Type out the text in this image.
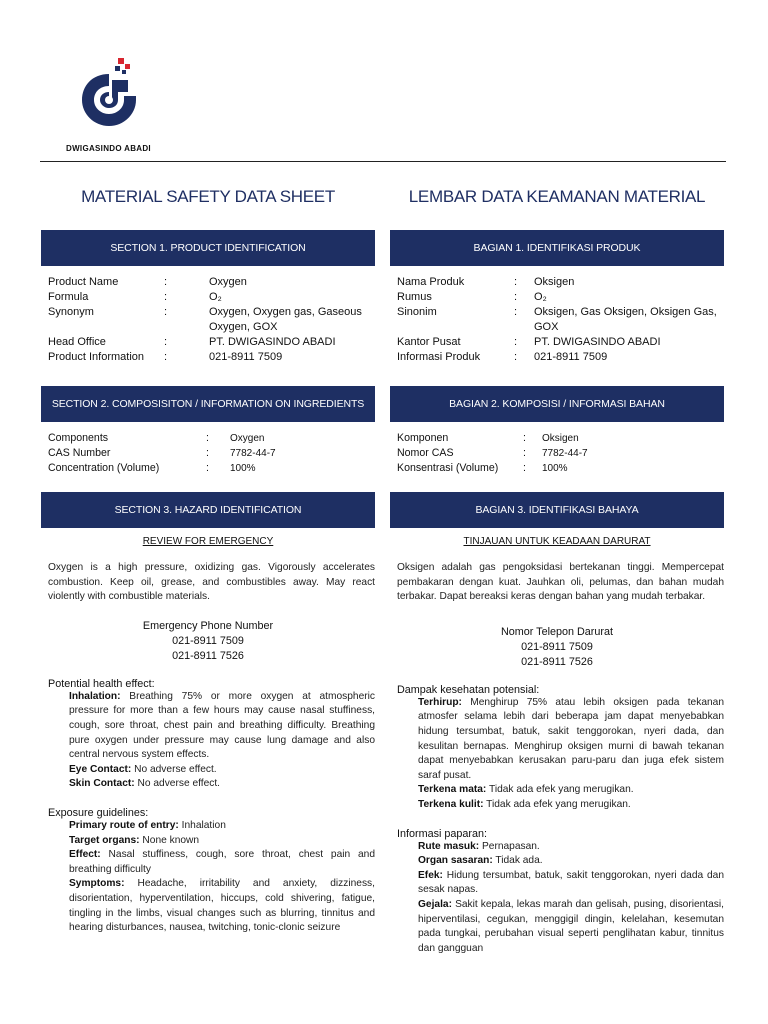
DWIGASINDO ABADI
MATERIAL SAFETY DATA SHEET
SECTION 1. PRODUCT IDENTIFICATION
Product Name	:	Oxygen
Formula	:	O₂
Synonym	:	Oxygen, Oxygen gas, Gaseous Oxygen, GOX
Head Office	:	PT. DWIGASINDO ABADI
Product Information	:	021-8911 7509
SECTION 2. COMPOSISITON / INFORMATION ON INGREDIENTS
Components	:	Oxygen
CAS Number	:	7782-44-7
Concentration (Volume)	:	100%
SECTION 3. HAZARD IDENTIFICATION
REVIEW FOR EMERGENCY
Oxygen is a high pressure, oxidizing gas. Vigorously accelerates combustion. Keep oil, grease, and combustibles away. May react violently with combustible materials.
Emergency Phone Number
021-8911 7509
021-8911 7526
Potential health effect:
Inhalation: Breathing 75% or more oxygen at atmospheric pressure for more than a few hours may cause nasal stuffiness, cough, sore throat, chest pain and breathing difficulty. Breathing pure oxygen under pressure may cause lung damage and also central nervous system effects.
Eye Contact: No adverse effect.
Skin Contact: No adverse effect.
Exposure guidelines:
Primary route of entry: Inhalation
Target organs: None known
Effect: Nasal stuffiness, cough, sore throat, chest pain and breathing difficulty
Symptoms: Headache, irritability and anxiety, dizziness, disorientation, hyperventilation, hiccups, cold shivering, fatigue, tingling in the limbs, visual changes such as blurring, tinnitus and hearing disturbances, nausea, twitching, tonic-clonic seizure
LEMBAR DATA KEAMANAN MATERIAL
BAGIAN 1. IDENTIFIKASI PRODUK
Nama Produk	:	Oksigen
Rumus	:	O₂
Sinonim	:	Oksigen, Gas Oksigen, Oksigen Gas, GOX
Kantor Pusat	:	PT. DWIGASINDO ABADI
Informasi Produk	:	021-8911 7509
BAGIAN 2. KOMPOSISI / INFORMASI BAHAN
Komponen	:	Oksigen
Nomor CAS	:	7782-44-7
Konsentrasi (Volume)	:	100%
BAGIAN 3. IDENTIFIKASI BAHAYA
TINJAUAN UNTUK KEADAAN DARURAT
Oksigen adalah gas pengoksidasi bertekanan tinggi. Mempercepat pembakaran dengan kuat. Jauhkan oli, pelumas, dan bahan mudah terbakar. Dapat bereaksi keras dengan bahan yang mudah terbakar.
Nomor Telepon Darurat
021-8911 7509
021-8911 7526
Dampak kesehatan potensial:
Terhirup: Menghirup 75% atau lebih oksigen pada tekanan atmosfer selama lebih dari beberapa jam dapat menyebabkan hidung tersumbat, batuk, sakit tenggorokan, nyeri dada, dan kesulitan bernapas. Menghirup oksigen murni di bawah tekanan dapat menyebabkan kerusakan paru-paru dan juga efek sistem saraf pusat.
Terkena mata: Tidak ada efek yang merugikan.
Terkena kulit: Tidak ada efek yang merugikan.
Informasi paparan:
Rute masuk: Pernapasan.
Organ sasaran: Tidak ada.
Efek: Hidung tersumbat, batuk, sakit tenggorokan, nyeri dada dan sesak napas.
Gejala: Sakit kepala, lekas marah dan gelisah, pusing, disorientasi, hiperventilasi, cegukan, menggigil dingin, kelelahan, kesemutan pada tungkai, perubahan visual seperti penglihatan kabur, tinnitus dan gangguan
